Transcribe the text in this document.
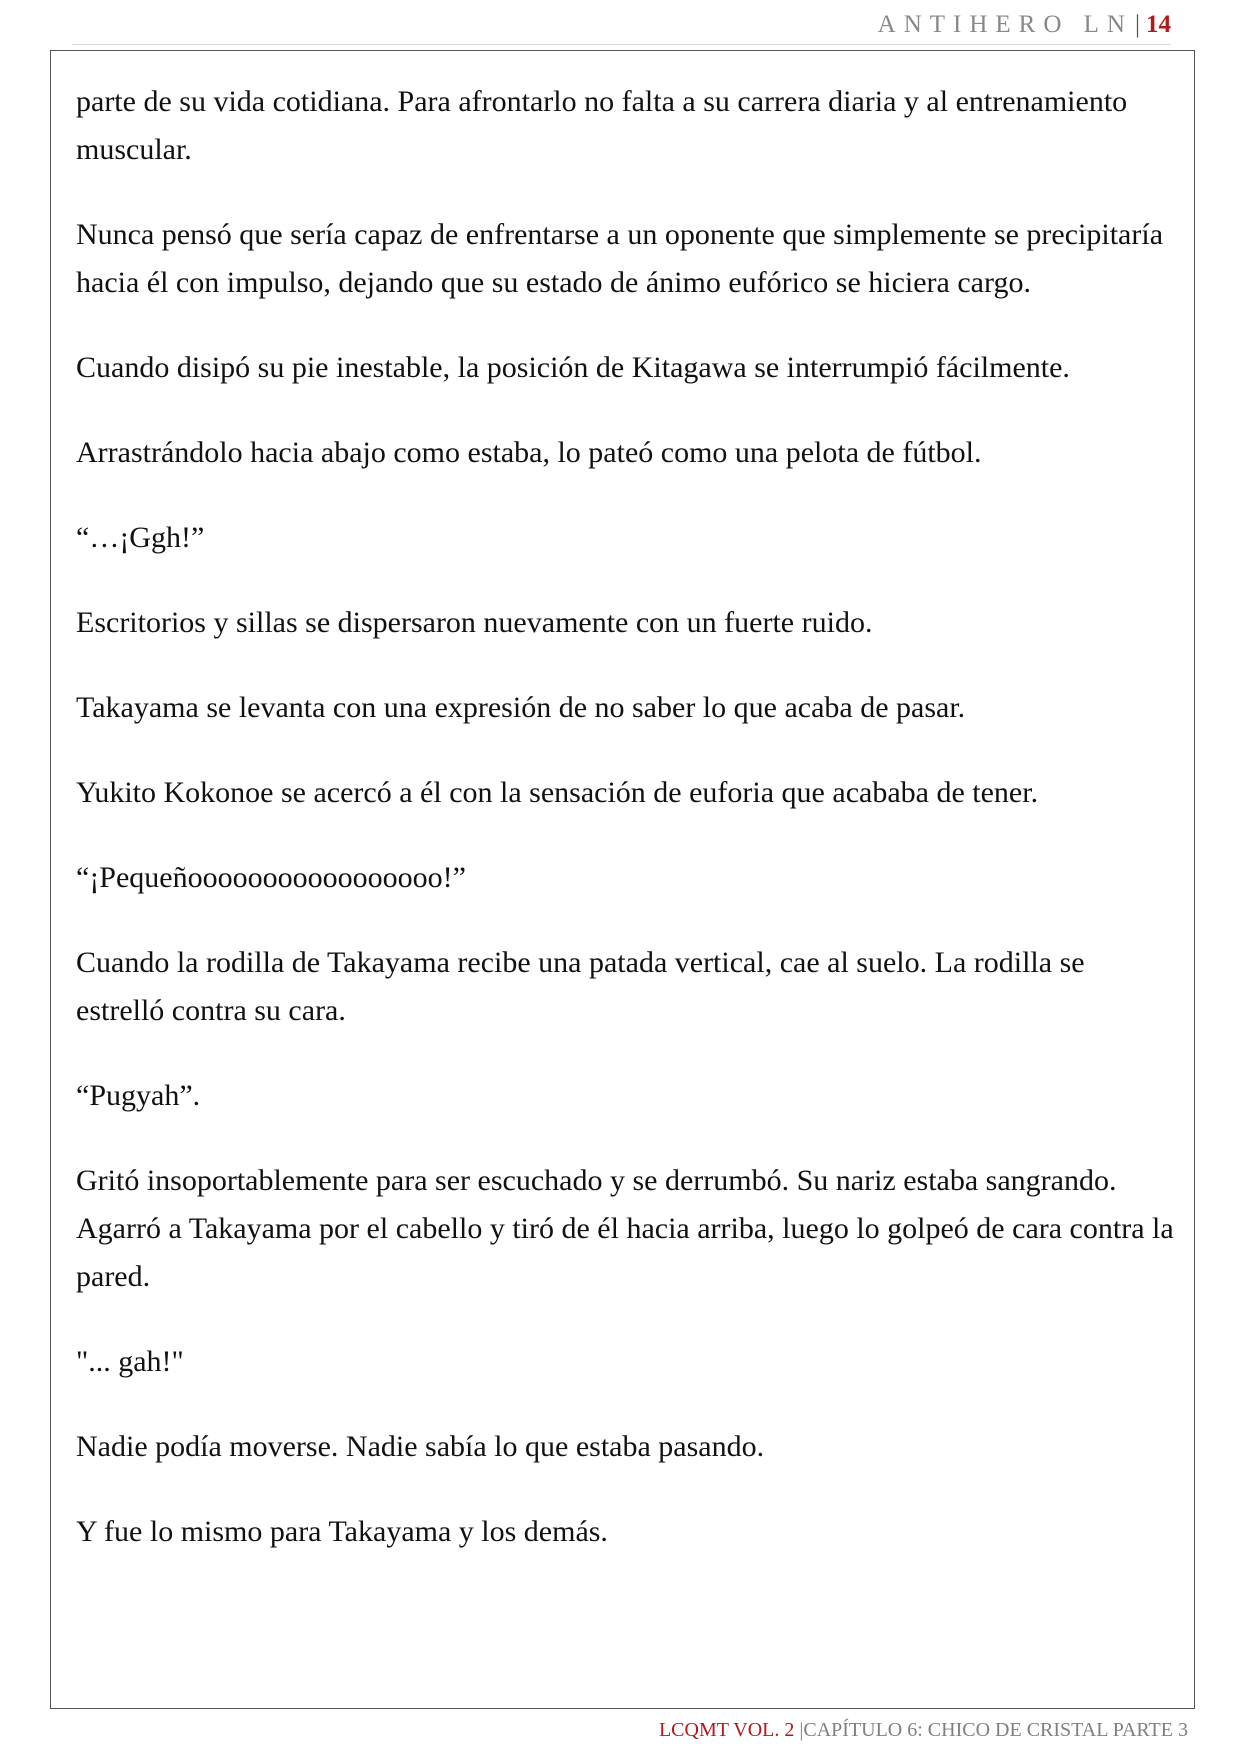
ANTIHERO LN | 14

parte de su vida cotidiana. Para afrontarlo no falta a su carrera diaria y al entrenamiento muscular.

Nunca pensó que sería capaz de enfrentarse a un oponente que simplemente se precipitaría hacia él con impulso, dejando que su estado de ánimo eufórico se hiciera cargo.

Cuando disipó su pie inestable, la posición de Kitagawa se interrumpió fácilmente.

Arrastrándolo hacia abajo como estaba, lo pateó como una pelota de fútbol.

“…¡Ggh!”

Escritorios y sillas se dispersaron nuevamente con un fuerte ruido.

Takayama se levanta con una expresión de no saber lo que acaba de pasar.

Yukito Kokonoe se acercó a él con la sensación de euforia que acababa de tener.

“¡Pequeñooooooooooooooooo!”

Cuando la rodilla de Takayama recibe una patada vertical, cae al suelo. La rodilla se estrelló contra su cara.

“Pugyah”.

Gritó insoportablemente para ser escuchado y se derrumbó. Su nariz estaba sangrando. Agarró a Takayama por el cabello y tiró de él hacia arriba, luego lo golpeó de cara contra la pared.

"... gah!"

Nadie podía moverse. Nadie sabía lo que estaba pasando.

Y fue lo mismo para Takayama y los demás.

LCQMT VOL. 2 |CAPÍTULO 6: CHICO DE CRISTAL PARTE 3
